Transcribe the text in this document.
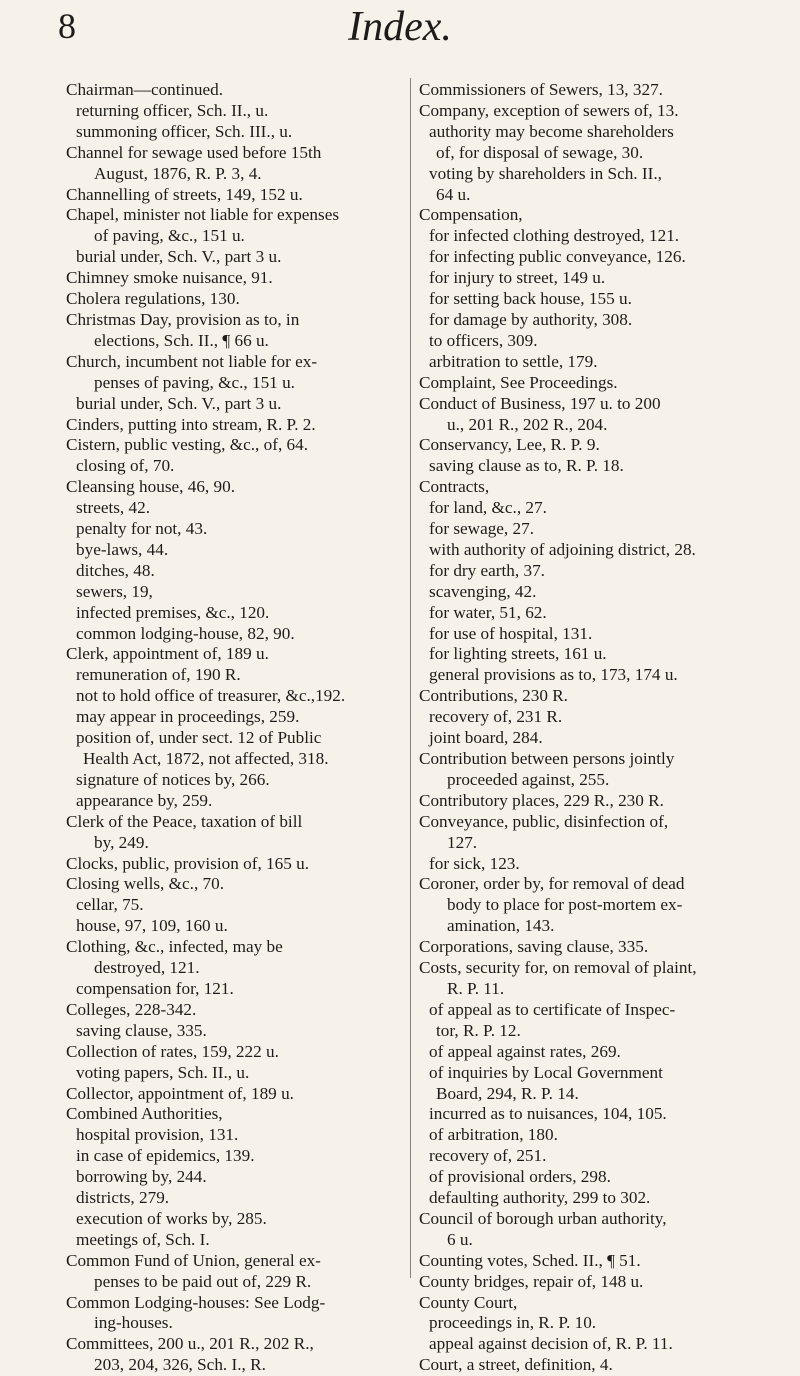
8	Index.
Chairman—continued.
returning officer, Sch. II., u.
summoning officer, Sch. III., u.
Channel for sewage used before 15th
August, 1876, R. P. 3, 4.
Channelling of streets, 149, 152 u.
Chapel, minister not liable for expenses
of paving, &c., 151 u.
burial under, Sch. V., part 3 u.
Chimney smoke nuisance, 91.
Cholera regulations, 130.
Christmas Day, provision as to, in
elections, Sch. II., ¶ 66 u.
Church, incumbent not liable for ex-
penses of paving, &c., 151 u.
burial under, Sch. V., part 3 u.
Cinders, putting into stream, R. P. 2.
Cistern, public vesting, &c., of, 64.
closing of, 70.
Cleansing house, 46, 90.
streets, 42.
penalty for not, 43.
bye-laws, 44.
ditches, 48.
sewers, 19,
infected premises, &c., 120.
common lodging-house, 82, 90.
Clerk, appointment of, 189 u.
remuneration of, 190 R.
not to hold office of treasurer, &c.,192.
may appear in proceedings, 259.
position of, under sect. 12 of Public
Health Act, 1872, not affected, 318.
signature of notices by, 266.
appearance by, 259.
Clerk of the Peace, taxation of bill
by, 249.
Clocks, public, provision of, 165 u.
Closing wells, &c., 70.
cellar, 75.
house, 97, 109, 160 u.
Clothing, &c., infected, may be
destroyed, 121.
compensation for, 121.
Colleges, 228-342.
saving clause, 335.
Collection of rates, 159, 222 u.
voting papers, Sch. II., u.
Collector, appointment of, 189 u.
Combined Authorities,
hospital provision, 131.
in case of epidemics, 139.
borrowing by, 244.
districts, 279.
execution of works by, 285.
meetings of, Sch. I.
Common Fund of Union, general ex-
penses to be paid out of, 229 R.
Common Lodging-houses: See Lodg-
ing-houses.
Committees, 200 u., 201 R., 202 R.,
203, 204, 326, Sch. I., R.
Commissioners of Sewers, 13, 327.
Company, exception of sewers of, 13.
authority may become shareholders
of, for disposal of sewage, 30.
voting by shareholders in Sch. II.,
64 u.
Compensation,
for infected clothing destroyed, 121.
for infecting public conveyance, 126.
for injury to street, 149 u.
for setting back house, 155 u.
for damage by authority, 308.
to officers, 309.
arbitration to settle, 179.
Complaint, See Proceedings.
Conduct of Business, 197 u. to 200
u., 201 R., 202 R., 204.
Conservancy, Lee, R. P. 9.
saving clause as to, R. P. 18.
Contracts,
for land, &c., 27.
for sewage, 27.
with authority of adjoining district, 28.
for dry earth, 37.
scavenging, 42.
for water, 51, 62.
for use of hospital, 131.
for lighting streets, 161 u.
general provisions as to, 173, 174 u.
Contributions, 230 R.
recovery of, 231 R.
joint board, 284.
Contribution between persons jointly
proceeded against, 255.
Contributory places, 229 R., 230 R.
Conveyance, public, disinfection of,
127.
for sick, 123.
Coroner, order by, for removal of dead
body to place for post-mortem ex-
amination, 143.
Corporations, saving clause, 335.
Costs, security for, on removal of plaint,
R. P. 11.
of appeal as to certificate of Inspec-
tor, R. P. 12.
of appeal against rates, 269.
of inquiries by Local Government
Board, 294, R. P. 14.
incurred as to nuisances, 104, 105.
of arbitration, 180.
recovery of, 251.
of provisional orders, 298.
defaulting authority, 299 to 302.
Council of borough urban authority,
6 u.
Counting votes, Sched. II., ¶ 51.
County bridges, repair of, 148 u.
County Court,
proceedings in, R. P. 10.
appeal against decision of, R. P. 11.
Court, a street, definition, 4.
